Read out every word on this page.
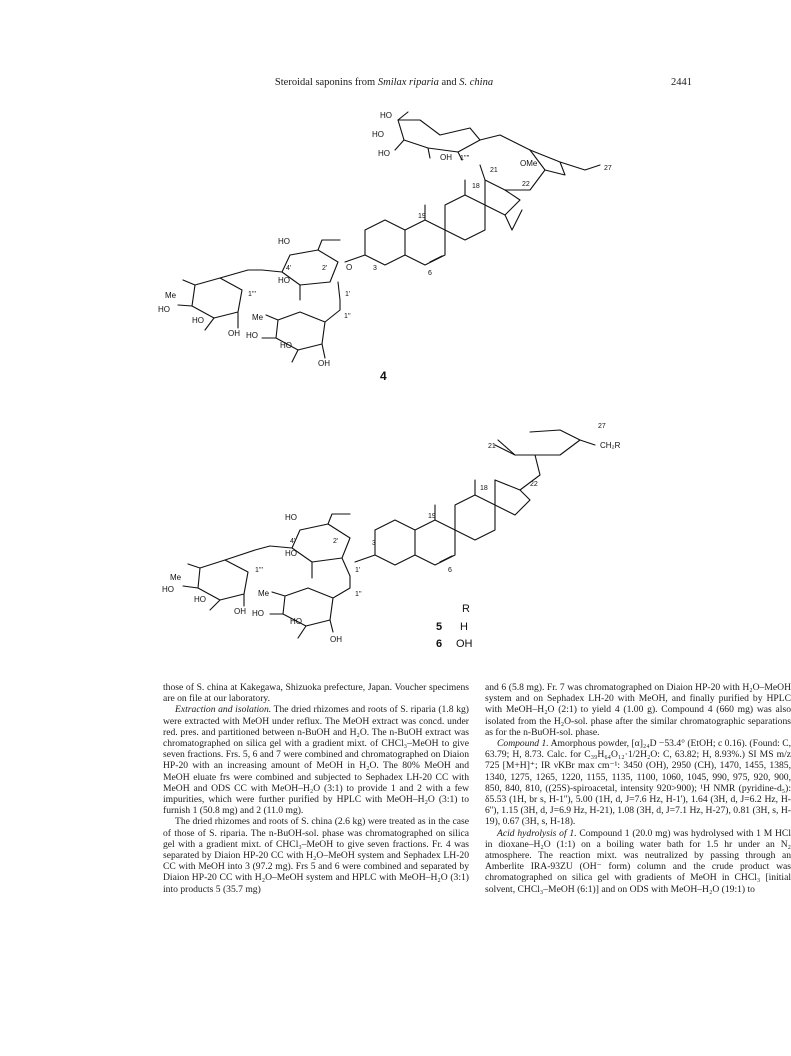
Steroidal saponins from Smilax riparia and S. china	2441
HO
HO
HO	OH 1''''
21
OMe
27
18	22
19
3
6
HO
HO
4'	2'
1'
O
Me
HO
HO
OH
1'''
Me
HO
HO
OH
1''
4
27
CH₂R
21
18
22
19
3
6
HO
HO
4'	2'
1'
Me
HO
HO
OH
1'''
Me
HO
HO
OH
1''
R
5 H
6 OH

those of S. china at Kakegawa, Shizuoka prefecture, Japan. Voucher specimens are on file at our laboratory.

Extraction and isolation. The dried rhizomes and roots of S. riparia (1.8 kg) were extracted with MeOH under reflux. The MeOH extract was concd. under red. pres. and partitioned between n-BuOH and H₂O. The n-BuOH extract was chromatographed on silica gel with a gradient mixt. of CHCl₃–MeOH to give seven fractions. Frs. 5, 6 and 7 were combined and chromatographed on Diaion HP-20 with an increasing amount of MeOH in H₂O. The 80% MeOH and MeOH eluate frs were combined and subjected to Sephadex LH-20 CC with MeOH and ODS CC with MeOH–H₂O (3:1) to provide 1 and 2 with a few impurities, which were further purified by HPLC with MeOH–H₂O (3:1) to furnish 1 (50.8 mg) and 2 (11.0 mg).

The dried rhizomes and roots of S. china (2.6 kg) were treated as in the case of those of S. riparia. The n-BuOH-sol. phase was chromatographed on silica gel with a gradient mixt. of CHCl₃–MeOH to give seven fractions. Fr. 4 was separated by Diaion HP-20 CC with H₂O–MeOH system and Sephadex LH-20 CC with MeOH into 3 (97.2 mg). Frs 5 and 6 were combined and separated by Diaion HP-20 CC with H₂O–MeOH system and HPLC with MeOH–H₂O (3:1) into products 5 (35.7 mg)

and 6 (5.8 mg). Fr. 7 was chromatographed on Diaion HP-20 with H₂O–MeOH system and on Sephadex LH-20 with MeOH, and finally purified by HPLC with MeOH–H₂O (2:1) to yield 4 (1.00 g). Compound 4 (660 mg) was also isolated from the H₂O-sol. phase after the similar chromatographic separations as for the n-BuOH-sol. phase.

Compound 1. Amorphous powder, [α]₂₄D −53.4° (EtOH; c 0.16). (Found: C, 63.79; H, 8.73. Calc. for C₃₉H₆₄O₁₂·1/2H₂O: C, 63.82; H, 8.93%.) SI MS m/z 725 [M+H]⁺; IR νKBr max cm⁻¹: 3450 (OH), 2950 (CH), 1470, 1455, 1385, 1340, 1275, 1265, 1220, 1155, 1135, 1100, 1060, 1045, 990, 975, 920, 900, 850, 840, 810, ((25S)-spiroacetal, intensity 920>900); ¹H NMR (pyridine-d₅): δ5.53 (1H, br s, H-1''), 5.00 (1H, d, J=7.6 Hz, H-1'), 1.64 (3H, d, J=6.2 Hz, H-6''), 1.15 (3H, d, J=6.9 Hz, H-21), 1.08 (3H, d, J=7.1 Hz, H-27), 0.81 (3H, s, H-19), 0.67 (3H, s, H-18).

Acid hydrolysis of 1. Compound 1 (20.0 mg) was hydrolysed with 1 M HCl in dioxane–H₂O (1:1) on a boiling water bath for 1.5 hr under an N₂ atmosphere. The reaction mixt. was neutralized by passing through an Amberlite IRA-93ZU (OH⁻ form) column and the crude product was chromatographed on silica gel with gradients of MeOH in CHCl₃ [initial solvent, CHCl₃–MeOH (6:1)] and on ODS with MeOH–H₂O (19:1) to
